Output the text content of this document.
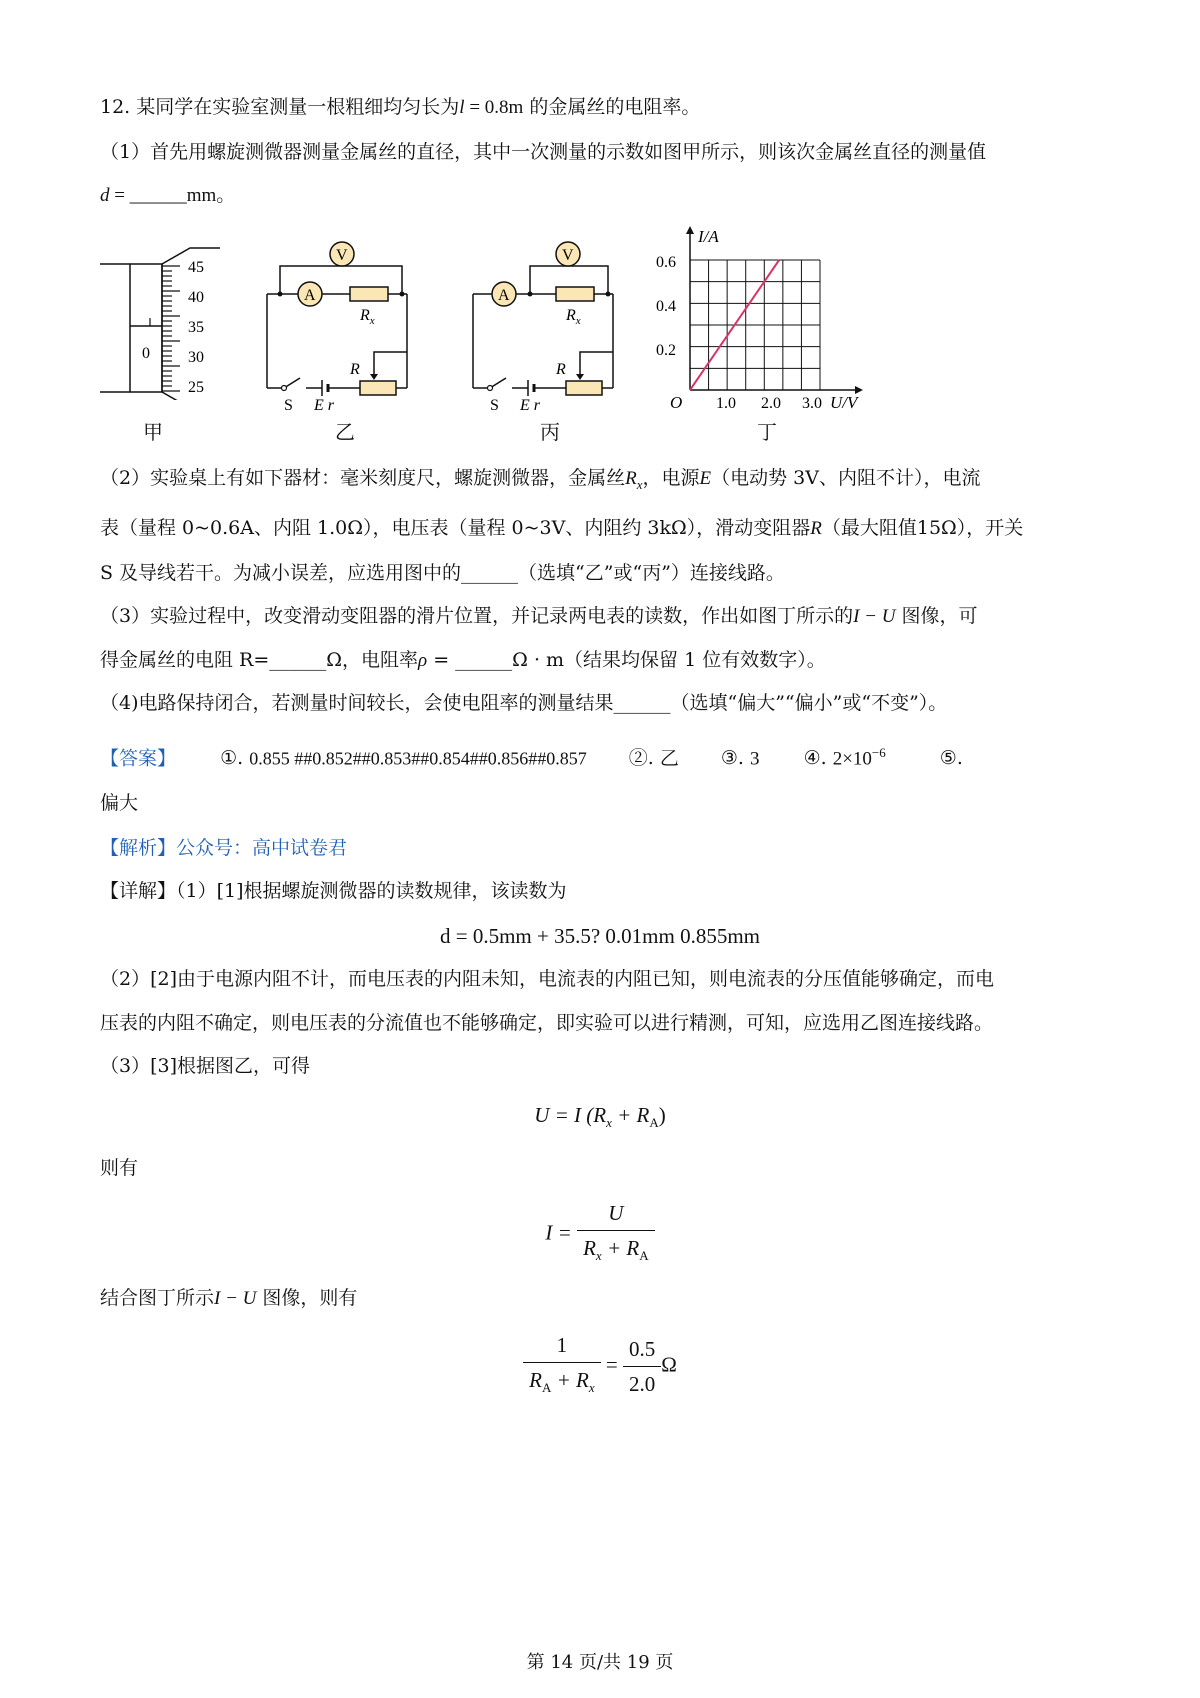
12. 某同学在实验室测量一根粗细均匀长为l = 0.8m 的金属丝的电阻率。
（1）首先用螺旋测微器测量金属丝的直径，其中一次测量的示数如图甲所示，则该次金属丝直径的测量值
d = ______mm。
0
45
40
35
30
25
甲
V
A
$R_x$
R
S E r
乙
V
A
$R_x$
R
S E r
丙
I/A
U/V
O 1.0 2.0 3.0
0.2
0.4
0.6
丁
（2）实验桌上有如下器材：毫米刻度尺，螺旋测微器，金属丝$R_x$，电源E（电动势 3V、内阻不计），电流
表（量程 0~0.6A、内阻 1.0Ω），电压表（量程 0~3V、内阻约 3kΩ），滑动变阻器R（最大阻值15Ω），开关
S 及导线若干。为减小误差，应选用图中的______（选填“乙”或“丙”）连接线路。
（3）实验过程中，改变滑动变阻器的滑片位置，并记录两电表的读数，作出如图丁所示的I − U 图像，可
得金属丝的电阻 R=______Ω，电阻率ρ = ______Ω · m（结果均保留 1 位有效数字）。
（4)电路保持闭合，若测量时间较长，会使电阻率的测量结果______（选填“偏大”“偏小”或“不变”）。
【答案】 ①. 0.855 ##0.852##0.853##0.854##0.856##0.857 ②. 乙 ③. 3 ④. $2\times 10^{-6}$	⑤.
偏大
【解析】公众号：高中试卷君
【详解】（1）[1]根据螺旋测微器的读数规律，该读数为
d = 0.5mm + 35.5? 0.01mm 0.855mm
（2）[2]由于电源内阻不计，而电压表的内阻未知，电流表的内阻已知，则电流表的分压值能够确定，而电
压表的内阻不确定，则电压表的分流值也不能够确定，即实验可以进行精测，可知，应选用乙图连接线路。
（3）[3]根据图乙，可得
U = I $(R_x + R_A)$
则有
$I = \frac{U}{R_x + R_A}$
结合图丁所示I − U 图像，则有
$\frac{1}{R_A + R_x} = \frac{0.5}{2.0}$ Ω
第 14 页/共 19 页
